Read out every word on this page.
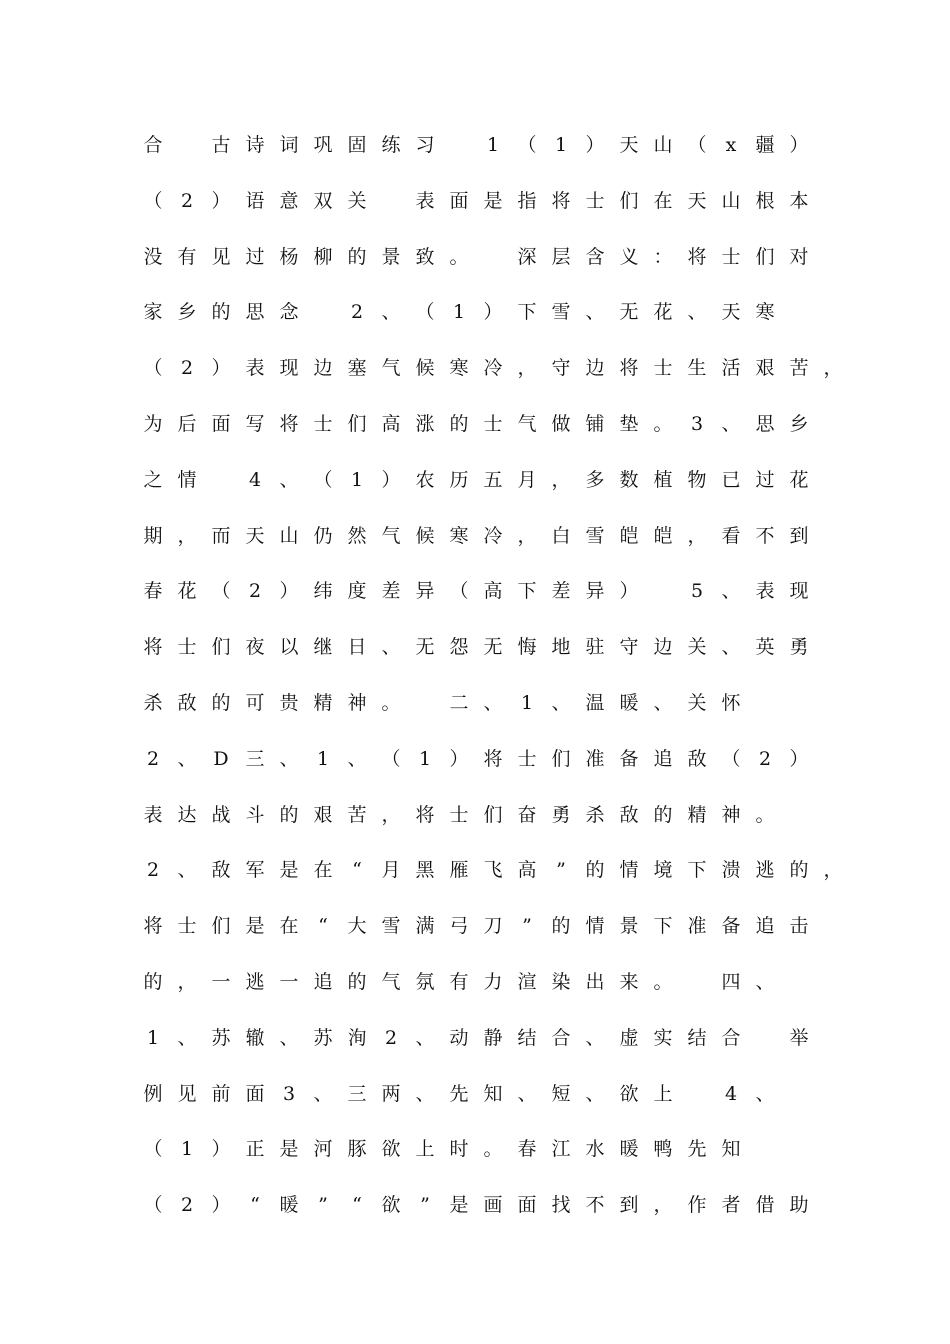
合
　	古 诗 词 巩 固 练 习
　	1 （ 1 ） 天 山 （	x	疆 ）
（ 2 ） 语 意 双 关
　	表 面 是 指 将 士 们 在 天 山 根 本
没 有 见 过 杨 柳 的 景 致 。
　	深 层 含 义 ： 将 士 们 对
家 乡 的 思 念
　	2 、 （ 1 ） 下 雪 、 无 花 、 天 寒
（ 2 ） 表 现 边 塞 气 候 寒 冷 ， 守 边 将 士 生 活 艰 苦 ，
为 后 面 写 将 士 们 高 涨 的 士 气 做 铺 垫 。 3 、 思 乡
之 情
　	4 、 （ 1 ） 农 历 五 月 ， 多 数 植 物 已 过 花
期 ， 而 天 山 仍 然 气 候 寒 冷 ， 白 雪 皑 皑 ， 看 不 到
春 花 （ 2 ） 纬 度 差 异 （ 高 下 差 异 ）
　	5 、 表 现
将 士 们 夜 以 继 日 、 无 怨 无 悔 地 驻 守 边 关 、 英 勇
杀 敌 的 可 贵 精 神 。
　	二 、 1 、 温 暖 、 关 怀
2 、 D 三 、 1 、 （ 1 ） 将 士 们 准 备 追 敌 （ 2 ）
表 达 战 斗 的 艰 苦 ， 将 士 们 奋 勇 杀 敌 的 精 神 。
2 、 敌 军 是 在	“	月 黑 雁 飞 高	”	的 情 境 下 溃 逃 的 ，
将 士 们 是 在	“	大 雪 满 弓 刀	”	的 情 景 下 准 备 追 击
的 ， 一 逃 一 追 的 气 氛 有 力 渲 染 出 来 。
　	四 、
1 、 苏 辙 、 苏 洵 2 、 动 静 结 合 、 虚 实 结 合
　	举
例 见 前 面 3 、 三 两 、 先 知 、 短 、 欲 上
　	4 、
（ 1 ） 正 是 河 豚 欲 上 时 。 春 江 水 暖 鸭 先 知
（ 2 ）	“	暖	”	“	欲	”	是 画 面 找 不 到 ， 作 者 借 助
